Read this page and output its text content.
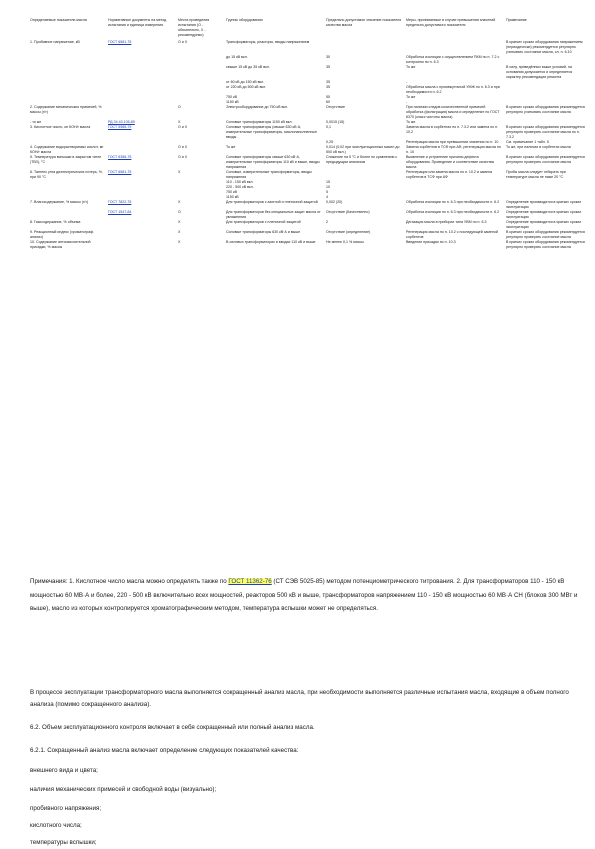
Определяемые показатели масла	Нормативные документы на метод испытания и единица измерения	Места проведения испытания (O - обязательно, Х - рекомендуемо)	Группы оборудования	Предельно допустимое значение показателя качества масла	Меры, принимаемые в случае превышения значений предельно допустимого показателя	Примечание
1. Пробивное напряжение, кВ	ГОСТ 6581-75	О и Х	Трансформаторы, реакторы, вводы напряжением			В кратких сроках оборудования напряжением (периодически) рекомендуется регулярно учитывать состояние масла, сл. п. 6.10
			до 15 кВ вкл.	30	Обработка изоляции с осуществлением ПКМ по п. 7.2 с контролем по п. 6.3	
			свыше 15 кВ до 35 кВ вкл.	35	То же	В силу, приведённых выше условий, на основании допускается и определяется характер рекомендации ремонта
			от 60 кВ до 150 кВ вкл.	35	-	
			от 220 кВ до 500 кВ вкл.	35	Обработка масла с промежуточной УМЖ по п. 6.3 и при необходимости п. 6.2	
			750 кВ	55	То же	
			1150 кВ	60	-	
2. Содержание механических примесей, % массы (г/т)		О	Электрооборудование до 750 кВ вкл.	Отсутствие	При наличии следов количественной примесей обработка (фильтрация) масла и определение по ГОСТ 6370 (класс чистоты масла)	В кратких сроках оборудования рекомендуется регулярно учитывать состояние масла
- то же	РД 34.43.105-89	Х	Силовые трансформаторы 1150 кВ вкл.	0,0015 (15)	То же	
3. Кислотное число, мг КОН/г масла	ГОСТ 5985-79	О и Х	Силовые трансформаторы (свыше 630 кВ·А, измерительные трансформаторы, маслонаполненные вводы	0,1	Замена масла в сорбентах по п. 7.3.2 или замена по п. 10.2	В кратких сроках оборудования рекомендуется регулярно проверять состояние масла по п. 7.3.2
				0,25	Регенерация масла при превышении значения по п. 10	См. примечание 1 табл. 5
4. Содержание водорастворимых кислот, мг КОН/г масла		О и Х	То же	0,014 (0,02 при эксплуатационных масел до 500 кВ вкл.)	Замена сорбентов в ТСФ при АФ, регенерация масла по п. 10	То же, при наличии в сорбентах масла
5. Температура вспышки в закрытом тигле (ТВЗ), °С	ГОСТ 6356-75	О и Х	Силовые трансформаторы свыше 630 кВ·А, измерительные трансформаторы 110 кВ и выше, вводы напряжения	Снижение на 5 °С и более по сравнению с предыдущим анализом	Выявление и устранение причины дефекта оборудования. Проведение и соответствие качества масла	В кратких сроках оборудования рекомендуется регулярно проверять состояние масла
6. Тангенс угла диэлектрических потерь, %, при 90 °С	ГОСТ 6581-75	Х	Силовые, измерительные трансформаторы, вводы напряжения		Регенерация или замена масла по п. 10.2 и замена сорбентов в ТСФ при АФ	Пробы масла следует отбирать при температуре масла не ниже 20 °С
			110 - 150 кВ вкл.	15		
			220 - 500 кВ вкл.	10		
			750 кВ	5		
			1150 кВ	4		
7. Влагосодержание, % массы (г/т)	ГОСТ 7822-75	Х	Для трансформаторов с азотной и пленочной защитой	0,002 (20)	Обработка изоляции по п. 6.3 при необходимости п. 6.2	Определение производится в кратких сроках эксплуатации
	ГОСТ 1547-84	О	Для трансформаторов без специальных защит масла от увлажнения	Отсутствие (Качественно)	Обработка изоляции по п. 6.3 при необходимости п. 6.2	Определение производится в кратких сроках эксплуатации
8. Газосодержание, % объема		Х	Для трансформаторов с пленочной защитой	2	Дегазация масла в приборах типа УВМ по п. 6.3	Определение производится в кратких сроках эксплуатации
9. Реакционный индекс (хроматограф. анализ)		Х	Силовые трансформаторы 630 кВ·А и выше	Отсутствие (определение)	Регенерация масла по п. 10.2 с последующей заменой сорбентов	В кратких сроках оборудования рекомендуется регулярно проверять состояние масла
10. Содержание антиокислительной присадки, % массы		Х	В силовых трансформаторах и вводах 110 кВ и выше	Не менее 0,1 % массы	Введение присадки по п. 10.3	В кратких сроках оборудования рекомендуется регулярно проверять состояние масла
Примечания: 1. Кислотное число масла можно определять также по ГОСТ 11362-76 (СТ СЭВ 5025-85) методом потенциометрического титрования. 2. Для трансформаторов 110 - 150 кВ мощностью 60 МВ·А и более, 220 - 500 кВ включительно всех мощностей, реакторов 500 кВ и выше, трансформаторов напряжением 110 - 150 кВ мощностью 60 МВ·А СН (блоков 300 МВт и выше), масло из которых контролируется хроматографическим методом, температура вспышки может не определяться.
В процессе эксплуатации трансформаторного масла выполняется сокращенный анализ масла, при необходимости выполняется различные испытания масла, входящие в объем полного анализа (помимо сокращенного анализа).
6.2. Объем эксплуатационного контроля включает в себя сокращенный или полный анализ масла.
6.2.1. Сокращенный анализ масла включает определение следующих показателей качества:
внешнего вида и цвета;
наличия механических примесей и свободной воды (визуально);
пробивного напряжения;
кислотного числа;
температуры вспышки;
